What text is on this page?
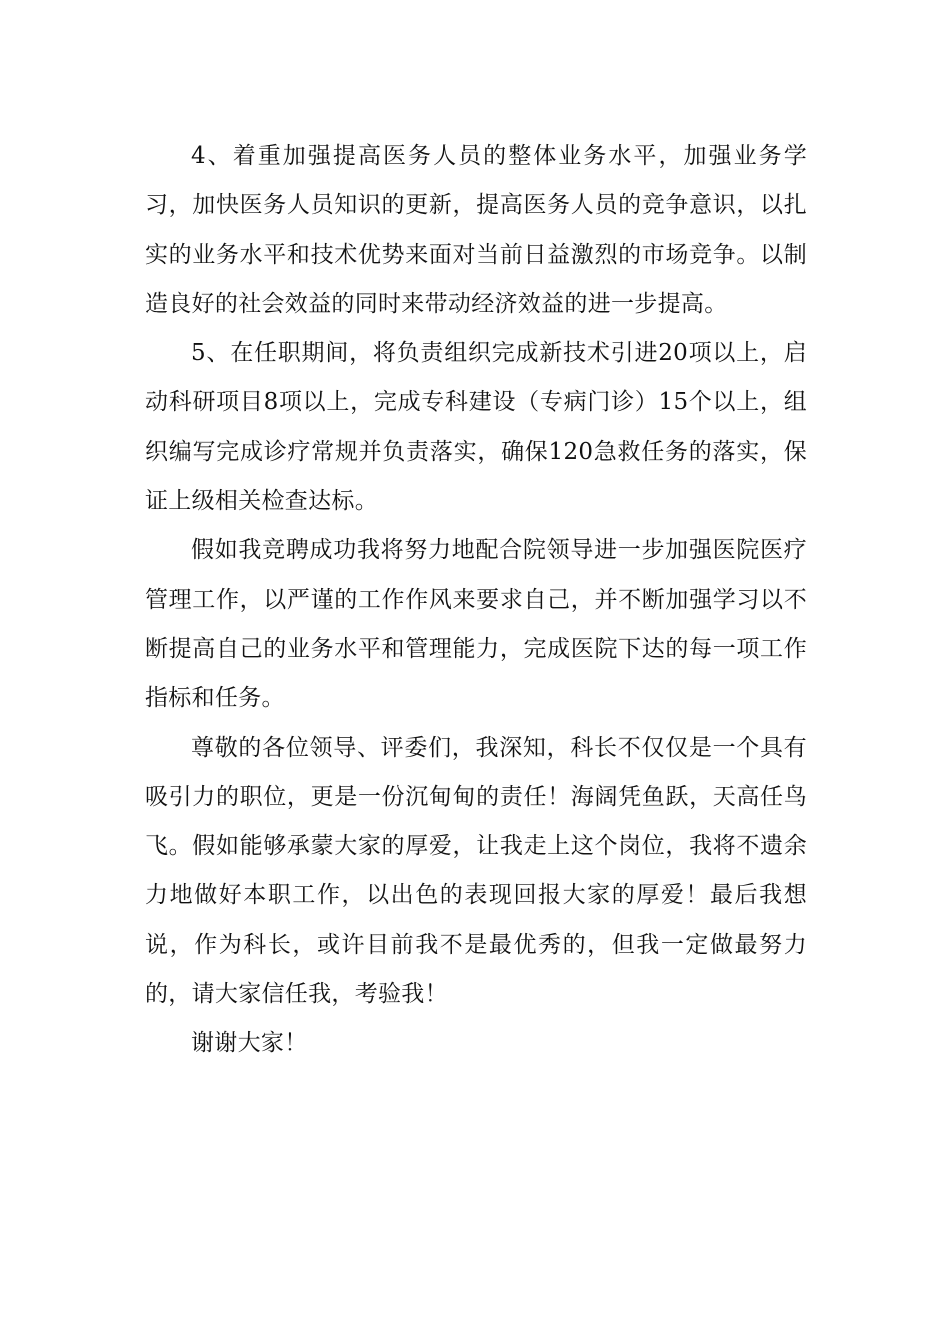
4、着重加强提高医务人员的整体业务水平，加强业务学习，加快医务人员知识的更新，提高医务人员的竞争意识，以扎实的业务水平和技术优势来面对当前日益激烈的市场竞争。以制造良好的社会效益的同时来带动经济效益的进一步提高。

5、在任职期间，将负责组织完成新技术引进20项以上，启动科研项目8项以上，完成专科建设（专病门诊）15个以上，组织编写完成诊疗常规并负责落实，确保120急救任务的落实，保证上级相关检查达标。

假如我竞聘成功我将努力地配合院领导进一步加强医院医疗管理工作，以严谨的工作作风来要求自己，并不断加强学习以不断提高自己的业务水平和管理能力，完成医院下达的每一项工作指标和任务。

尊敬的各位领导、评委们，我深知，科长不仅仅是一个具有吸引力的职位，更是一份沉甸甸的责任！海阔凭鱼跃，天高任鸟飞。假如能够承蒙大家的厚爱，让我走上这个岗位，我将不遗余力地做好本职工作，以出色的表现回报大家的厚爱！最后我想说，作为科长，或许目前我不是最优秀的，但我一定做最努力的，请大家信任我，考验我！

谢谢大家！
